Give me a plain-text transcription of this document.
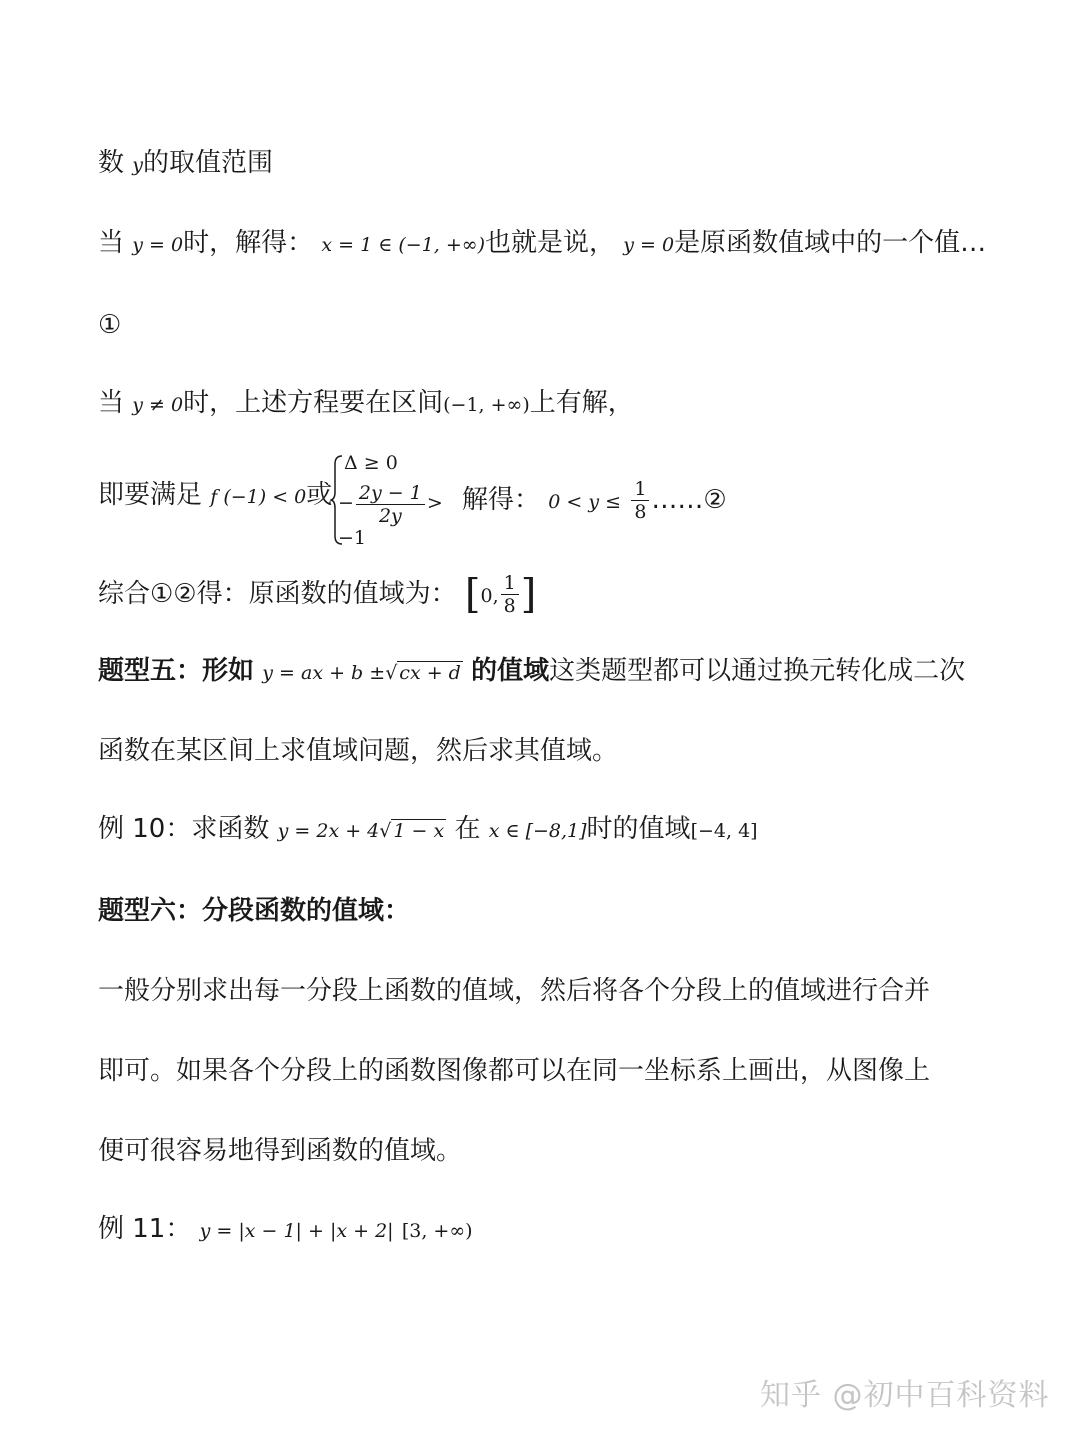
数 y的取值范围
当 y = 0时，解得： x = 1 ∈ (−1, +∞)也就是说， y = 0是原函数值域中的一个值…
①
当 y ≠ 0时，上述方程要在区间(−1, +∞)上有解，
即要满足 f (−1) < 0或
Δ ≥ 0
− $\frac{2y - 1}{2y} > -1$
解得： $0 < y \le \frac{1}{8}$ ……②
综合①②得：原函数的值域为： [0, $\frac{1}{8}$ ]
题型五：形如 y = ax + b ±√ cx + d 的值域这类题型都可以通过换元转化成二次
函数在某区间上求值域问题，然后求其值域。
例 10：求函数 y = 2x + 4√ 1 − x 在 x ∈ [−8,1]时的值域[−4, 4]
题型六：分段函数的值域：
一般分别求出每一分段上函数的值域，然后将各个分段上的值域进行合并
即可。如果各个分段上的函数图像都可以在同一坐标系上画出，从图像上
便可很容易地得到函数的值域。
例 11： y = |x − 1| + |x + 2| [3, +∞)
知乎 @初中百科资料
